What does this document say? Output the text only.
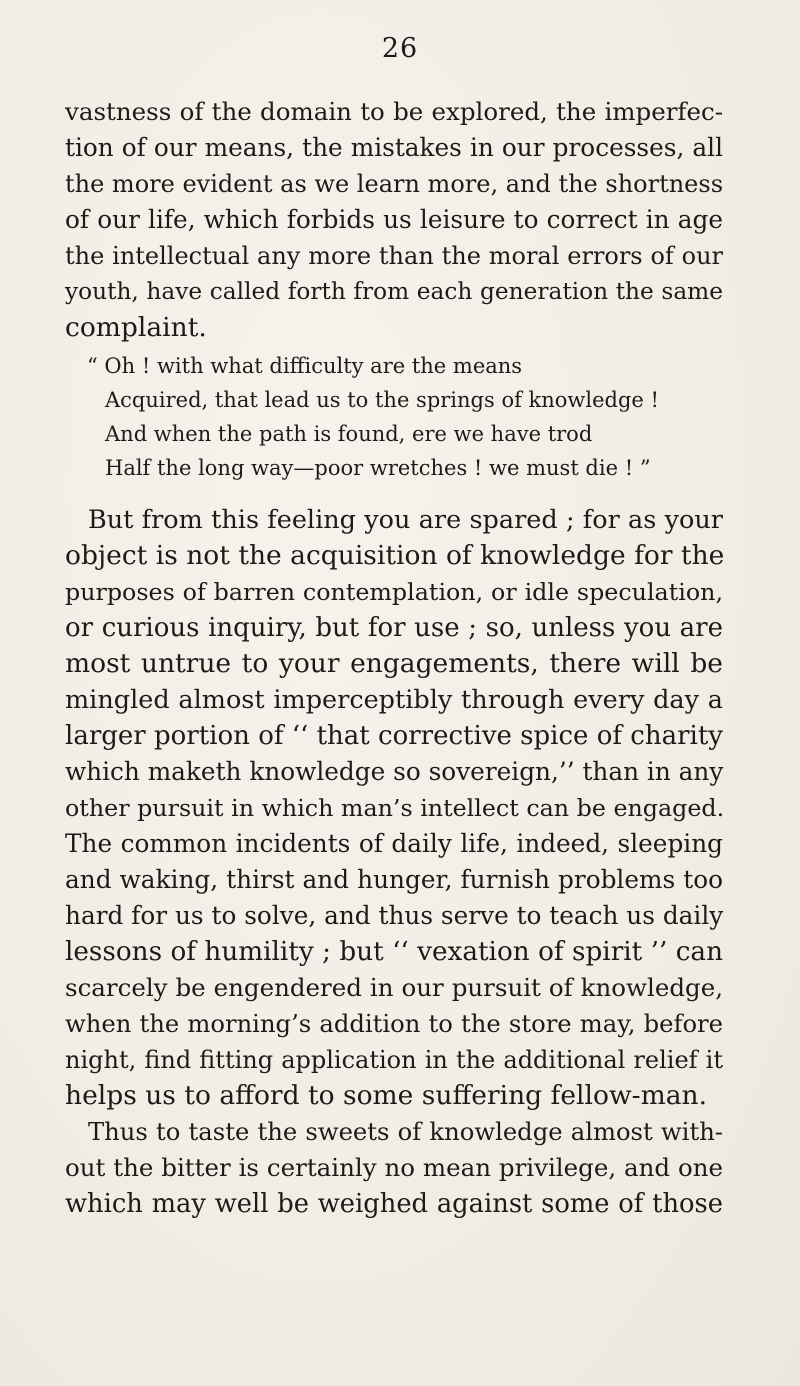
26
vastness of the domain to be explored, the imperfec-
tion of our means, the mistakes in our processes, all
the more evident as we learn more, and the shortness
of our life, which forbids us leisure to correct in age
the intellectual any more than the moral errors of our
youth, have called forth from each generation the same
complaint.
“ Oh ! with what difficulty are the means
Acquired, that lead us to the springs of knowledge !
And when the path is found, ere we have trod
Half the long way—poor wretches ! we must die ! ”
But from this feeling you are spared ; for as your
object is not the acquisition of knowledge for the
purposes of barren contemplation, or idle speculation,
or curious inquiry, but for use ; so, unless you are
most untrue to your engagements, there will be
mingled almost imperceptibly through every day a
larger portion of ‘‘ that corrective spice of charity
which maketh knowledge so sovereign,’’ than in any
other pursuit in which man’s intellect can be engaged.
The common incidents of daily life, indeed, sleeping
and waking, thirst and hunger, furnish problems too
hard for us to solve, and thus serve to teach us daily
lessons of humility ; but ‘‘ vexation of spirit ’’ can
scarcely be engendered in our pursuit of knowledge,
when the morning’s addition to the store may, before
night, find fitting application in the additional relief it
helps us to afford to some suffering fellow-man.
Thus to taste the sweets of knowledge almost with-
out the bitter is certainly no mean privilege, and one
which may well be weighed against some of those
